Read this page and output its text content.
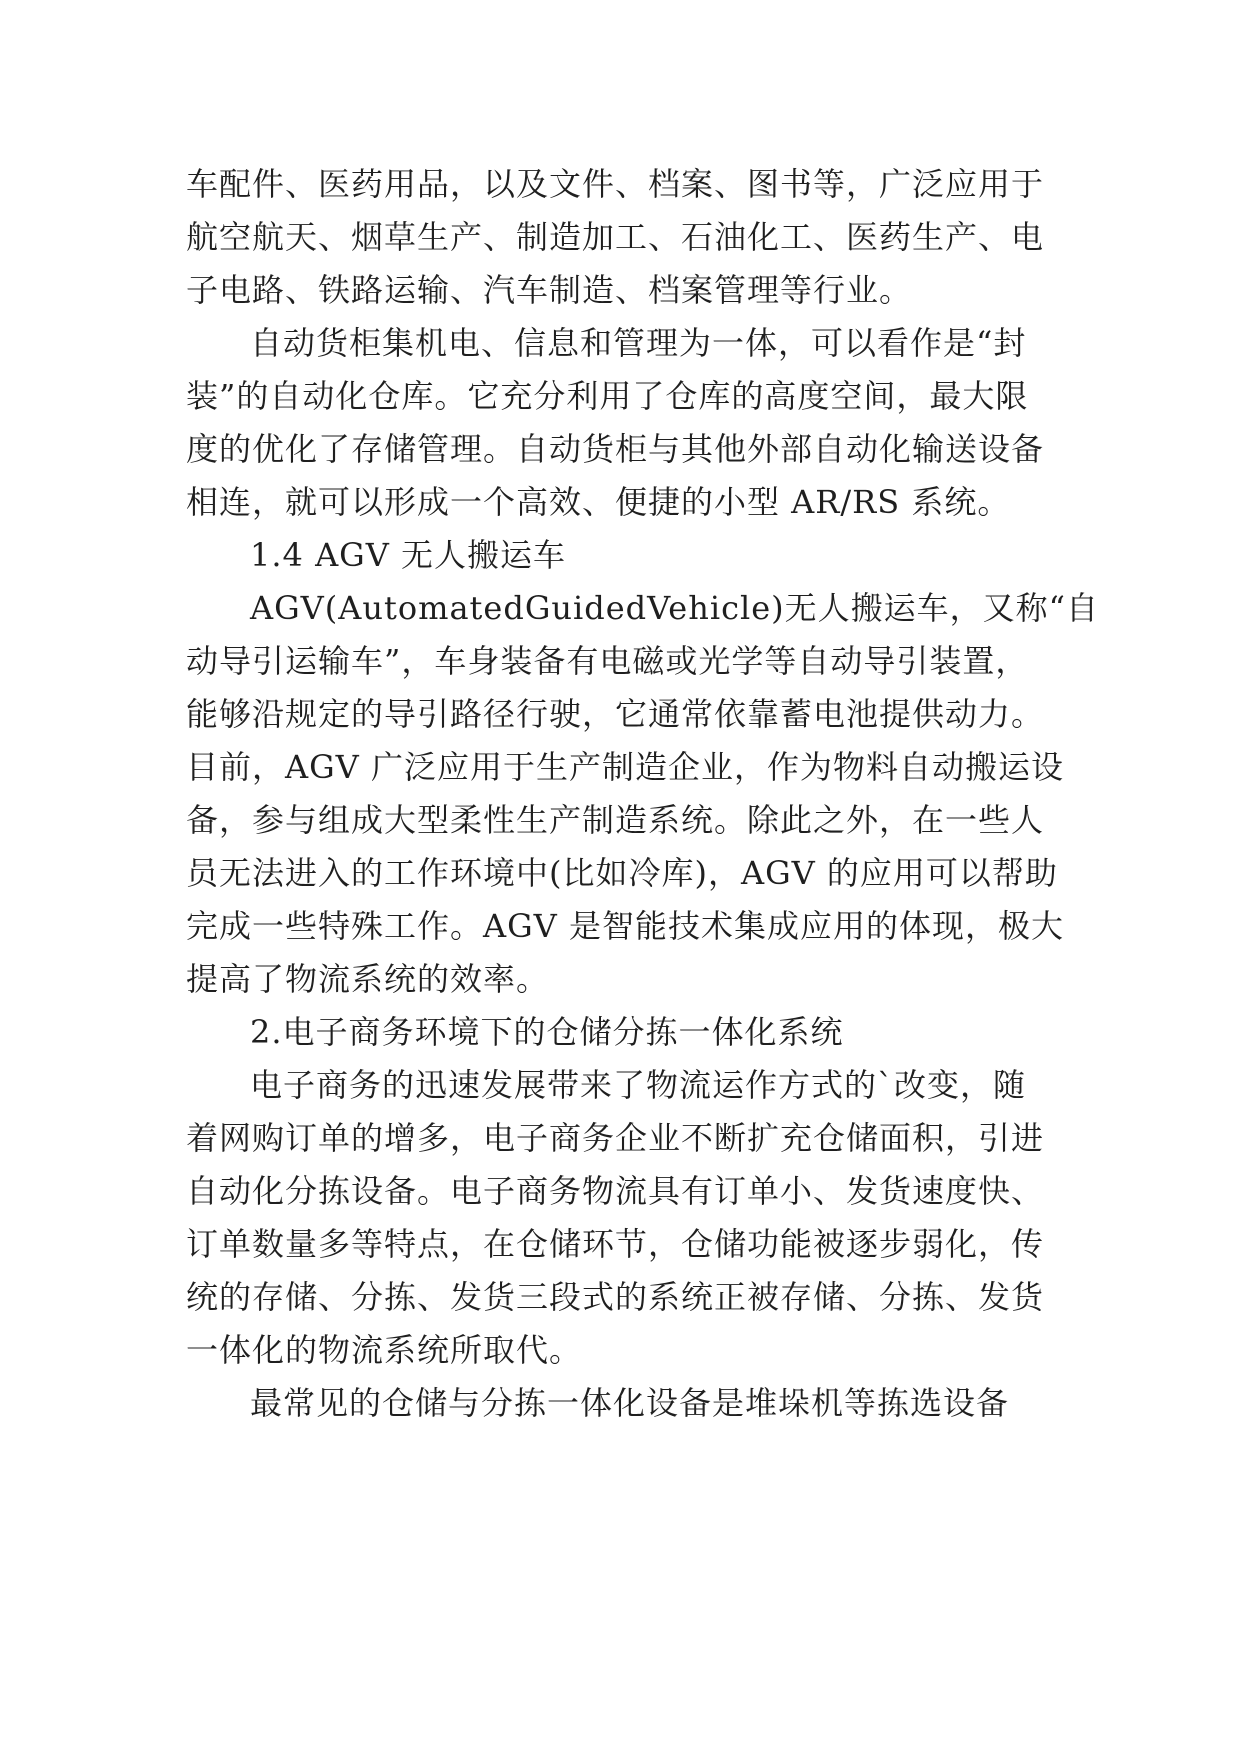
车配件、医药用品，以及文件、档案、图书等，广泛应用于
航空航天、烟草生产、制造加工、石油化工、医药生产、电
子电路、铁路运输、汽车制造、档案管理等行业。
自动货柜集机电、信息和管理为一体，可以看作是“封
装”的自动化仓库。它充分利用了仓库的高度空间，最大限
度的优化了存储管理。自动货柜与其他外部自动化输送设备
相连，就可以形成一个高效、便捷的小型 AR/RS 系统。
1.4 AGV 无人搬运车
AGV(AutomatedGuidedVehicle)无人搬运车，又称“自
动导引运输车”，车身装备有电磁或光学等自动导引装置，
能够沿规定的导引路径行驶，它通常依靠蓄电池提供动力。
目前，AGV 广泛应用于生产制造企业，作为物料自动搬运设
备，参与组成大型柔性生产制造系统。除此之外，在一些人
员无法进入的工作环境中(比如冷库)，AGV 的应用可以帮助
完成一些特殊工作。AGV 是智能技术集成应用的体现，极大
提高了物流系统的效率。
2.电子商务环境下的仓储分拣一体化系统
电子商务的迅速发展带来了物流运作方式的`改变，随
着网购订单的增多，电子商务企业不断扩充仓储面积，引进
自动化分拣设备。电子商务物流具有订单小、发货速度快、
订单数量多等特点，在仓储环节，仓储功能被逐步弱化，传
统的存储、分拣、发货三段式的系统正被存储、分拣、发货
一体化的物流系统所取代。
最常见的仓储与分拣一体化设备是堆垛机等拣选设备
